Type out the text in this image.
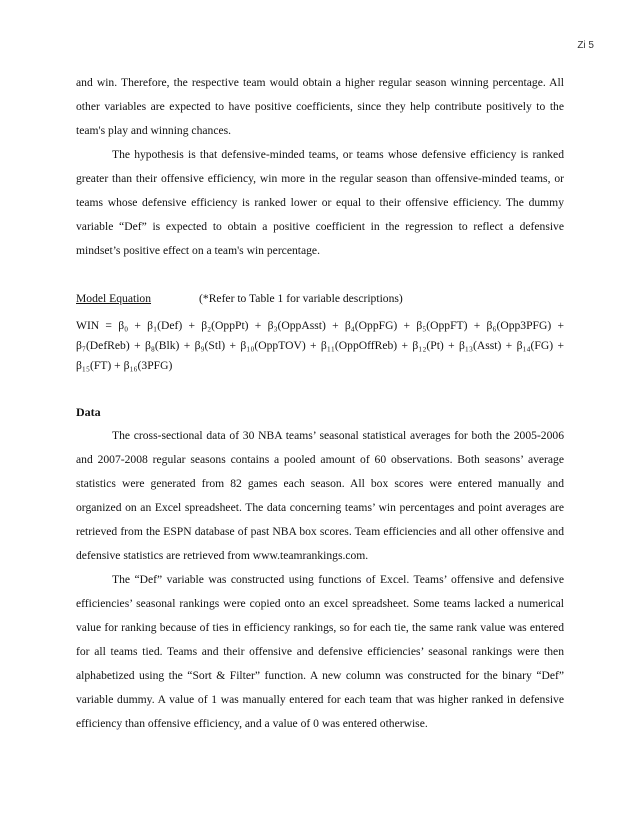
Zi 5

and win. Therefore, the respective team would obtain a higher regular season winning percentage. All other variables are expected to have positive coefficients, since they help contribute positively to the team's play and winning chances.

The hypothesis is that defensive-minded teams, or teams whose defensive efficiency is ranked greater than their offensive efficiency, win more in the regular season than offensive-minded teams, or teams whose defensive efficiency is ranked lower or equal to their offensive efficiency. The dummy variable “Def” is expected to obtain a positive coefficient in the regression to reflect a defensive mindset’s positive effect on a team's win percentage.

Model Equation	(*Refer to Table 1 for variable descriptions)

WIN = β₀ + β₁(Def) + β₂(OppPt) + β₃(OppAsst) + β₄(OppFG) + β₅(OppFT) + β₆(Opp3PFG) + β₇(DefReb) + β₈(Blk) + β₉(Stl) + β₁₀(OppTOV) + β₁₁(OppOffReb) + β₁₂(Pt) + β₁₃(Asst) + β₁₄(FG) + β₁₅(FT) + β₁₆(3PFG)

Data

The cross-sectional data of 30 NBA teams’ seasonal statistical averages for both the 2005-2006 and 2007-2008 regular seasons contains a pooled amount of 60 observations. Both seasons’ average statistics were generated from 82 games each season. All box scores were entered manually and organized on an Excel spreadsheet. The data concerning teams’ win percentages and point averages are retrieved from the ESPN database of past NBA box scores. Team efficiencies and all other offensive and defensive statistics are retrieved from www.teamrankings.com.

The “Def” variable was constructed using functions of Excel. Teams’ offensive and defensive efficiencies’ seasonal rankings were copied onto an excel spreadsheet. Some teams lacked a numerical value for ranking because of ties in efficiency rankings, so for each tie, the same rank value was entered for all teams tied. Teams and their offensive and defensive efficiencies’ seasonal rankings were then alphabetized using the “Sort & Filter” function. A new column was constructed for the binary “Def” variable dummy. A value of 1 was manually entered for each team that was higher ranked in defensive efficiency than offensive efficiency, and a value of 0 was entered otherwise.
